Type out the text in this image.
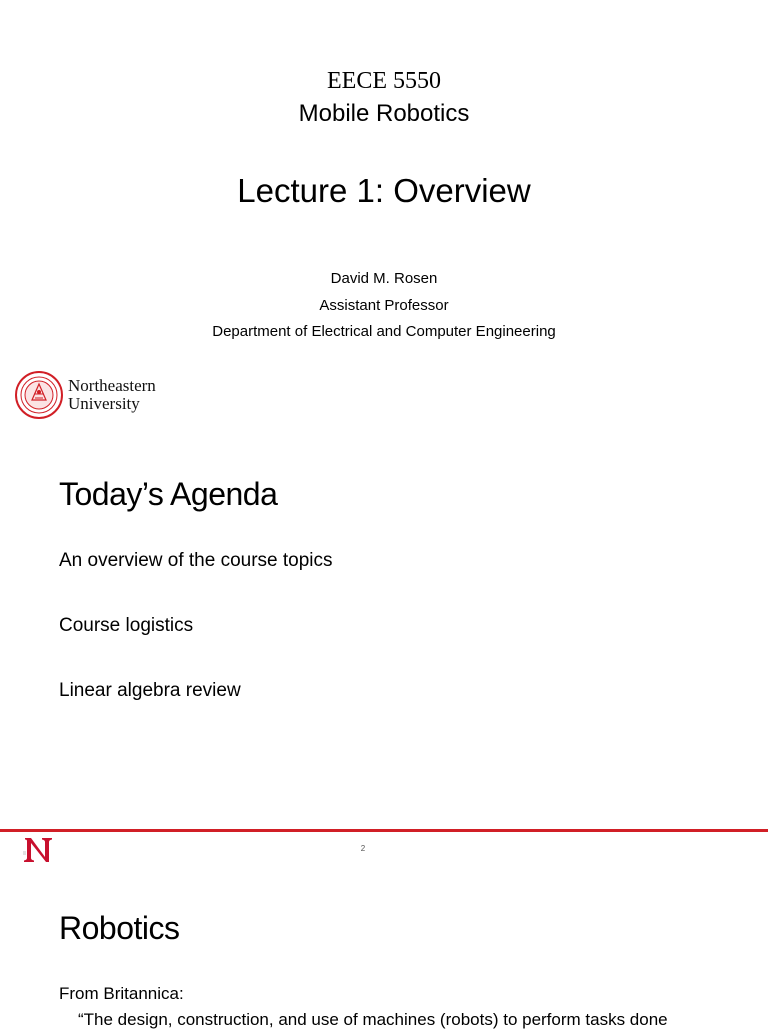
EECE 5550
Mobile Robotics
Lecture 1: Overview
David M. Rosen
Assistant Professor
Department of Electrical and Computer Engineering
Northeastern
University
Today’s Agenda
An overview of the course topics
Course logistics
Linear algebra review
2
Robotics
From Britannica:
“The design, construction, and use of machines (robots) to perform tasks done
